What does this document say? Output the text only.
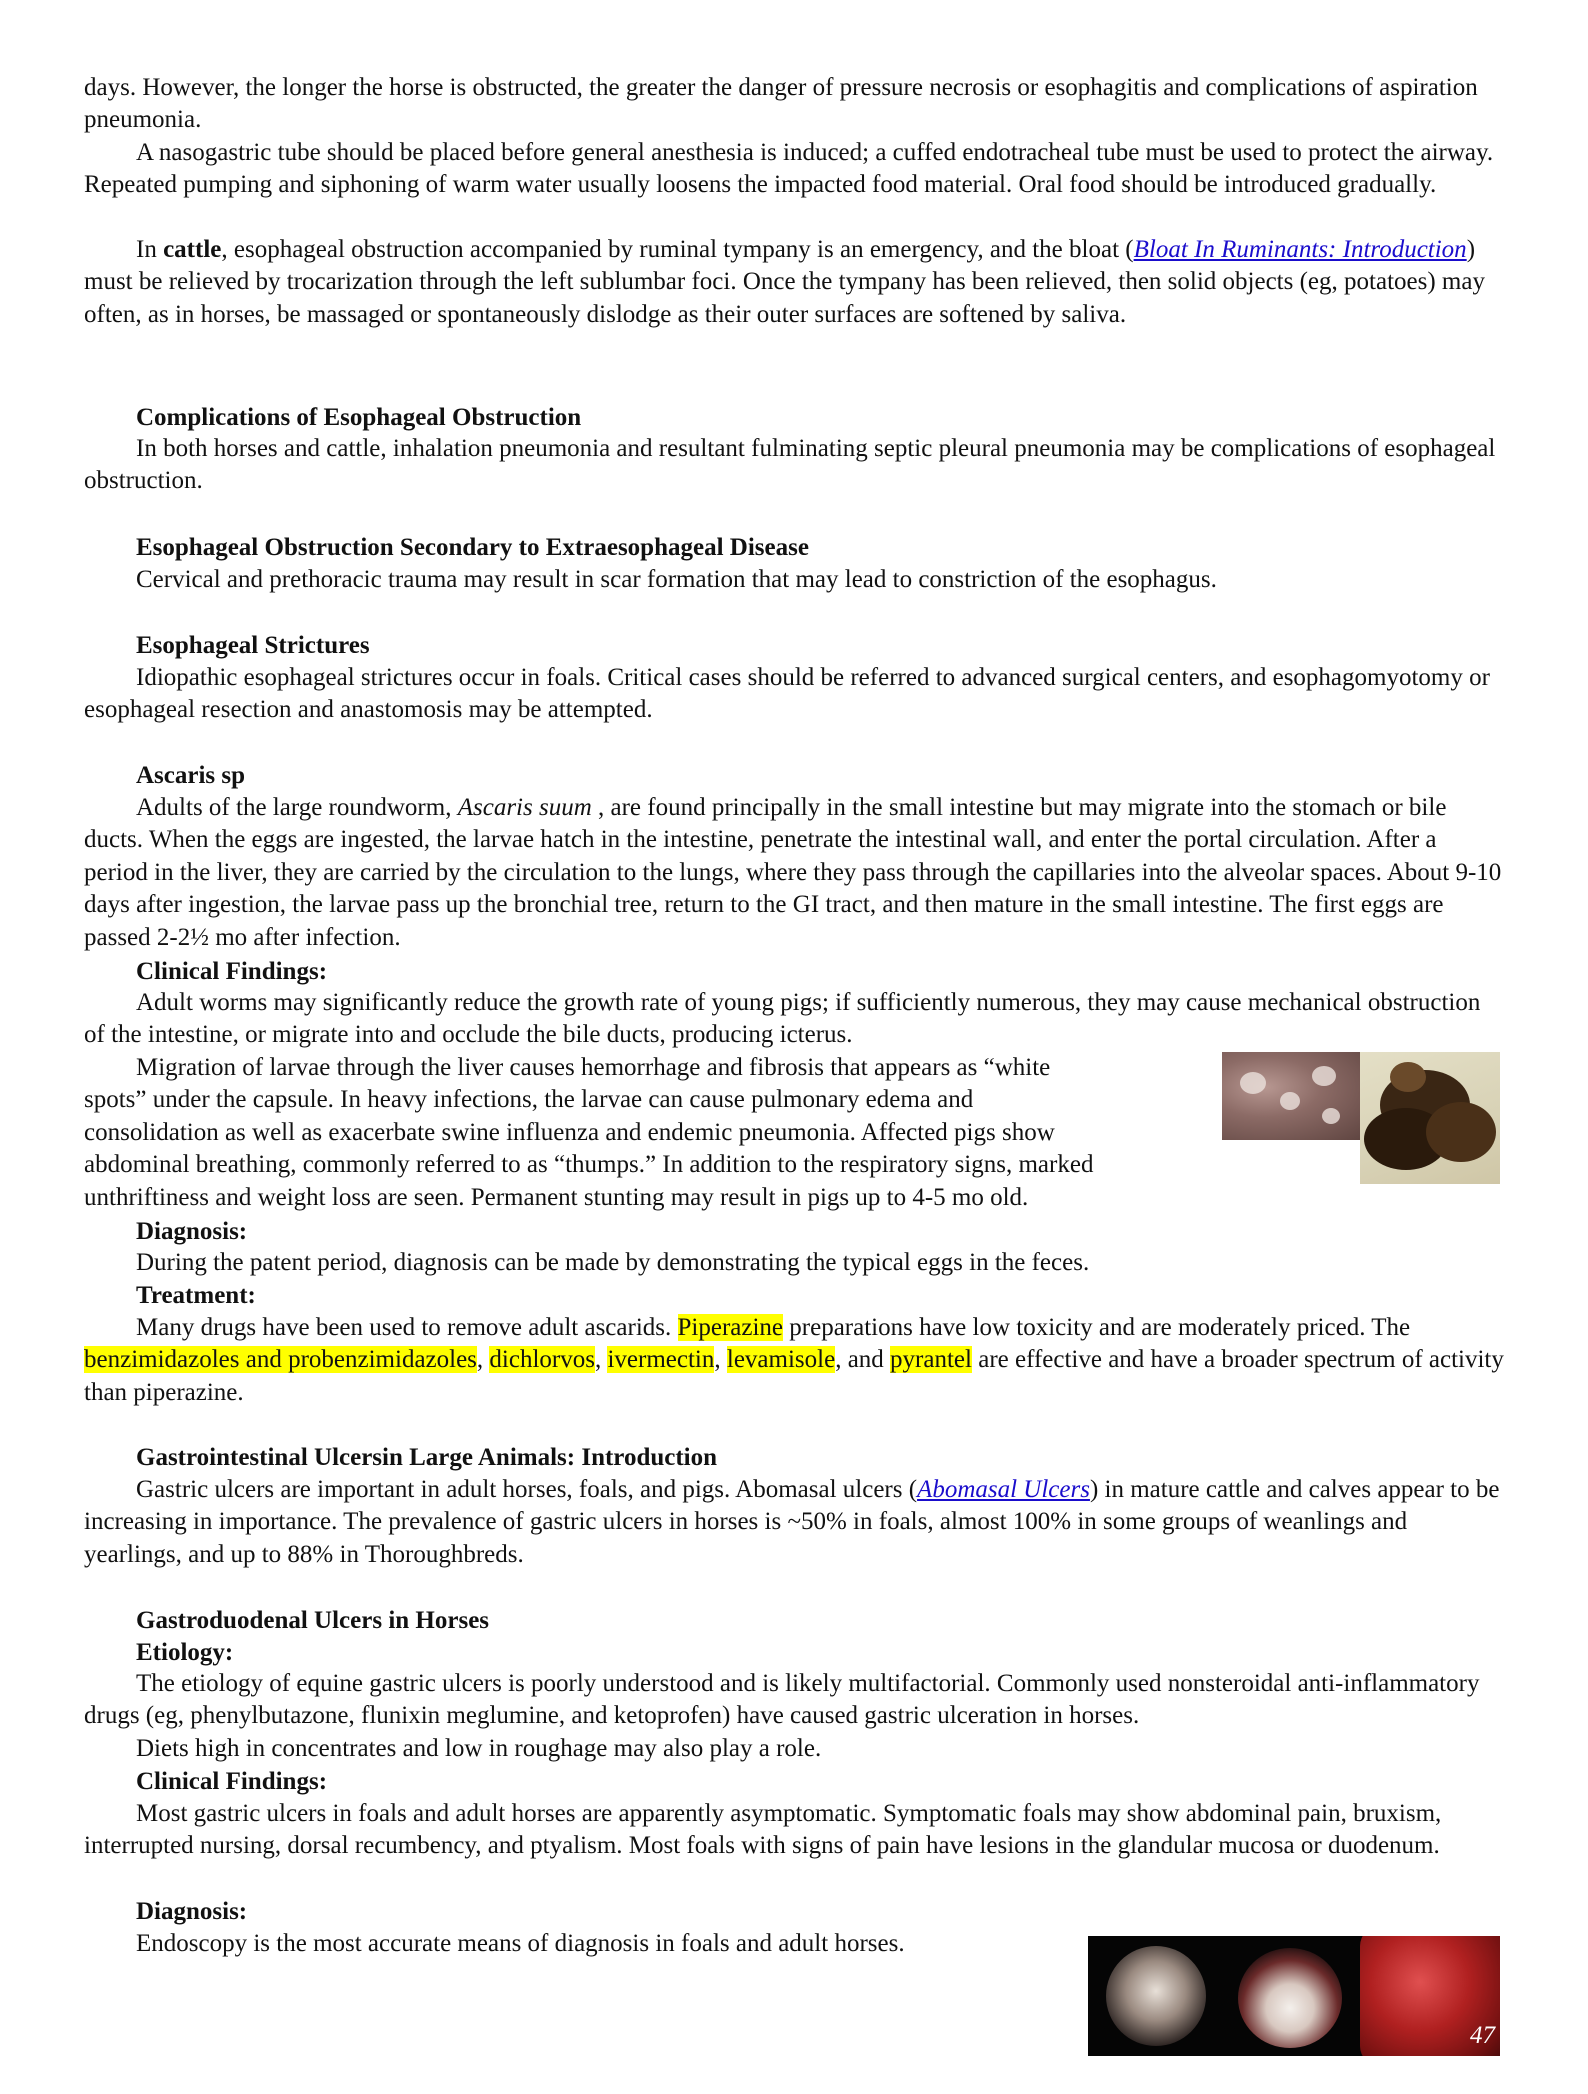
days. However, the longer the horse is obstructed, the greater the danger of pressure necrosis or esophagitis and complications of aspiration pneumonia.

A nasogastric tube should be placed before general anesthesia is induced; a cuffed endotracheal tube must be used to protect the airway. Repeated pumping and siphoning of warm water usually loosens the impacted food material. Oral food should be introduced gradually.

In cattle, esophageal obstruction accompanied by ruminal tympany is an emergency, and the bloat (Bloat In Ruminants: Introduction) must be relieved by trocarization through the left sublumbar foci. Once the tympany has been relieved, then solid objects (eg, potatoes) may often, as in horses, be massaged or spontaneously dislodge as their outer surfaces are softened by saliva.

Complications of Esophageal Obstruction

In both horses and cattle, inhalation pneumonia and resultant fulminating septic pleural pneumonia may be complications of esophageal obstruction.

Esophageal Obstruction Secondary to Extraesophageal Disease

Cervical and prethoracic trauma may result in scar formation that may lead to constriction of the esophagus.

Esophageal Strictures

Idiopathic esophageal strictures occur in foals. Critical cases should be referred to advanced surgical centers, and esophagomyotomy or esophageal resection and anastomosis may be attempted.

Ascaris sp

Adults of the large roundworm, Ascaris suum , are found principally in the small intestine but may migrate into the stomach or bile ducts. When the eggs are ingested, the larvae hatch in the intestine, penetrate the intestinal wall, and enter the portal circulation. After a period in the liver, they are carried by the circulation to the lungs, where they pass through the capillaries into the alveolar spaces. About 9-10 days after ingestion, the larvae pass up the bronchial tree, return to the GI tract, and then mature in the small intestine. The first eggs are passed 2-2½ mo after infection.

Clinical Findings:

Adult worms may significantly reduce the growth rate of young pigs; if sufficiently numerous, they may cause mechanical obstruction of the intestine, or migrate into and occlude the bile ducts, producing icterus.

Migration of larvae through the liver causes hemorrhage and fibrosis that appears as “white
spots” under the capsule. In heavy infections, the larvae can cause pulmonary edema and
consolidation as well as exacerbate swine influenza and endemic pneumonia. Affected pigs show
abdominal breathing, commonly referred to as “thumps.” In addition to the respiratory signs, marked
unthriftiness and weight loss are seen. Permanent stunting may result in pigs up to 4-5 mo old.

Diagnosis:

During the patent period, diagnosis can be made by demonstrating the typical eggs in the feces.

Treatment:

Many drugs have been used to remove adult ascarids. Piperazine preparations have low toxicity and are moderately priced. The benzimidazoles and probenzimidazoles, dichlorvos, ivermectin, levamisole, and pyrantel are effective and have a broader spectrum of activity than piperazine.

Gastrointestinal Ulcersin Large Animals: Introduction

Gastric ulcers are important in adult horses, foals, and pigs. Abomasal ulcers (Abomasal Ulcers) in mature cattle and calves appear to be increasing in importance. The prevalence of gastric ulcers in horses is ~50% in foals, almost 100% in some groups of weanlings and yearlings, and up to 88% in Thoroughbreds.

Gastroduodenal Ulcers in Horses

Etiology:

The etiology of equine gastric ulcers is poorly understood and is likely multifactorial. Commonly used nonsteroidal anti-inflammatory drugs (eg, phenylbutazone, flunixin meglumine, and ketoprofen) have caused gastric ulceration in horses.

Diets high in concentrates and low in roughage may also play a role.

Clinical Findings:

Most gastric ulcers in foals and adult horses are apparently asymptomatic. Symptomatic foals may show abdominal pain, bruxism, interrupted nursing, dorsal recumbency, and ptyalism. Most foals with signs of pain have lesions in the glandular mucosa or duodenum.

Diagnosis:

Endoscopy is the most accurate means of diagnosis in foals and adult horses.

47
